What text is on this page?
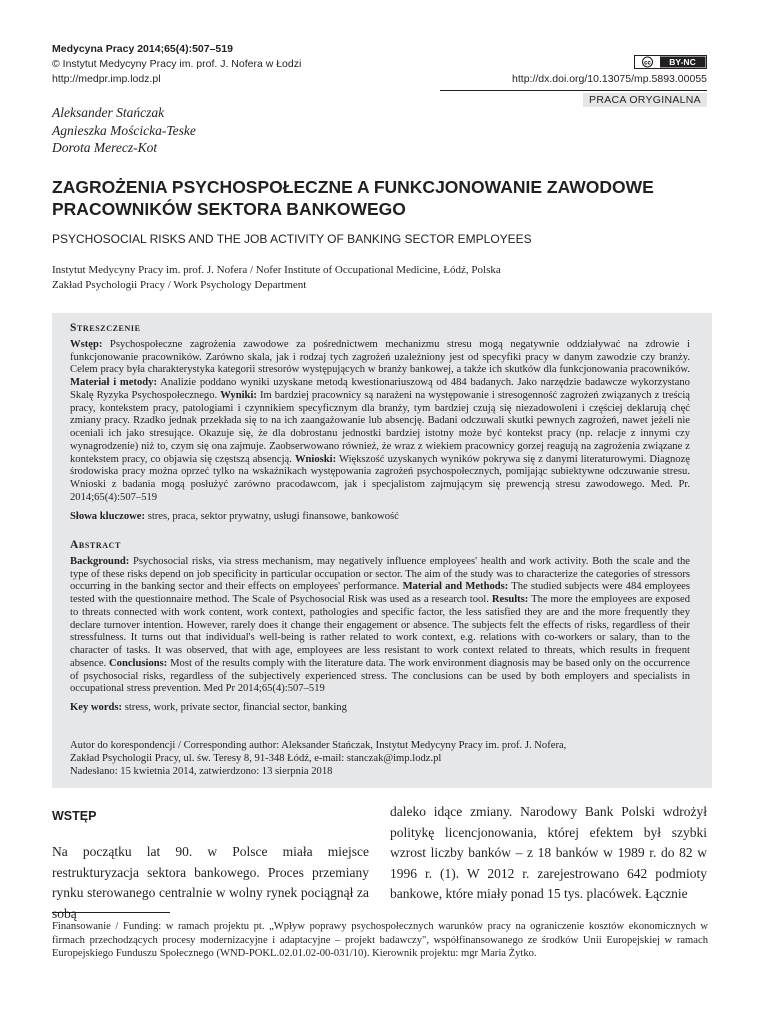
Medycyna Pracy 2014;65(4):507–519
© Instytut Medycyny Pracy im. prof. J. Nofera w Łodzi
http://medpr.imp.lodz.pl
cc BY-NC
http://dx.doi.org/10.13075/mp.5893.00055
PRACA ORYGINALNA
Aleksander Stańczak
Agnieszka Mościcka-Teske
Dorota Merecz-Kot
ZAGROŻENIA PSYCHOSPOŁECZNE A FUNKCJONOWANIE ZAWODOWE
PRACOWNIKÓW SEKTORA BANKOWEGO
PSYCHOSOCIAL RISKS AND THE JOB ACTIVITY OF BANKING SECTOR EMPLOYEES
Instytut Medycyny Pracy im. prof. J. Nofera / Nofer Institute of Occupational Medicine, Łódź, Polska
Zakład Psychologii Pracy / Work Psychology Department
Streszczenie
Wstęp: Psychospołeczne zagrożenia zawodowe za pośrednictwem mechanizmu stresu mogą negatywnie oddziaływać na zdrowie i funkcjonowanie pracowników. Zarówno skala, jak i rodzaj tych zagrożeń uzależniony jest od specyfiki pracy w danym zawodzie czy branży. Celem pracy była charakterystyka kategorii stresorów występujących w branży bankowej, a także ich skutków dla funkcjonowania pracowników. Materiał i metody: Analizie poddano wyniki uzyskane metodą kwestionariuszową od 484 badanych. Jako narzędzie badawcze wykorzystano Skalę Ryzyka Psychospołecznego. Wyniki: Im bardziej pracownicy są narażeni na występowanie i stresogenność zagrożeń związanych z treścią pracy, kontekstem pracy, patologiami i czynnikiem specyficznym dla branży, tym bardziej czują się niezadowoleni i częściej deklarują chęć zmiany pracy. Rzadko jednak przekłada się to na ich zaangażowanie lub absencję. Badani odczuwali skutki pewnych zagrożeń, nawet jeżeli nie oceniali ich jako stresujące. Okazuje się, że dla dobrostanu jednostki bardziej istotny może być kontekst pracy (np. relacje z innymi czy wynagrodzenie) niż to, czym się ona zajmuje. Zaobserwowano również, że wraz z wiekiem pracownicy gorzej reagują na zagrożenia związane z kontekstem pracy, co objawia się częstszą absencją. Wnioski: Większość uzyskanych wyników pokrywa się z danymi literaturowymi. Diagnozę środowiska pracy można oprzeć tylko na wskaźnikach występowania zagrożeń psychospołecznych, pomijając subiektywne odczuwanie stresu. Wnioski z badania mogą posłużyć zarówno pracodawcom, jak i specjalistom zajmującym się prewencją stresu zawodowego. Med. Pr. 2014;65(4):507–519
Słowa kluczowe: stres, praca, sektor prywatny, usługi finansowe, bankowość
Abstract
Background: Psychosocial risks, via stress mechanism, may negatively influence employees' health and work activity. Both the scale and the type of these risks depend on job specificity in particular occupation or sector. The aim of the study was to characterize the categories of stressors occurring in the banking sector and their effects on employees' performance. Material and Methods: The studied subjects were 484 employees tested with the questionnaire method. The Scale of Psychosocial Risk was used as a research tool. Results: The more the employees are exposed to threats connected with work content, work context, pathologies and specific factor, the less satisfied they are and the more frequently they declare turnover intention. However, rarely does it change their engagement or absence. The subjects felt the effects of risks, regardless of their stressfulness. It turns out that individual's well-being is rather related to work context, e.g. relations with co-workers or salary, than to the character of tasks. It was observed, that with age, employees are less resistant to work context related to threats, which results in frequent absence. Conclusions: Most of the results comply with the literature data. The work environment diagnosis may be based only on the occurrence of psychosocial risks, regardless of the subjectively experienced stress. The conclusions can be used by both employers and specialists in occupational stress prevention. Med Pr 2014;65(4):507–519
Key words: stress, work, private sector, financial sector, banking
Autor do korespondencji / Corresponding author: Aleksander Stańczak, Instytut Medycyny Pracy im. prof. J. Nofera,
Zakład Psychologii Pracy, ul. św. Teresy 8, 91-348 Łódź, e-mail: stanczak@imp.lodz.pl
Nadesłano: 15 kwietnia 2014, zatwierdzono: 13 sierpnia 2018
WSTĘP
Na początku lat 90. w Polsce miała miejsce restrukturyzacja sektora bankowego. Proces przemiany rynku sterowanego centralnie w wolny rynek pociągnął za sobą
daleko idące zmiany. Narodowy Bank Polski wdrożył politykę licencjonowania, której efektem był szybki wzrost liczby banków – z 18 banków w 1989 r. do 82 w 1996 r. (1). W 2012 r. zarejestrowano 642 podmioty bankowe, które miały ponad 15 tys. placówek. Łącznie
Finansowanie / Funding: w ramach projektu pt. „Wpływ poprawy psychospołecznych warunków pracy na ograniczenie kosztów ekonomicznych w firmach przechodzących procesy modernizacyjne i adaptacyjne – projekt badawczy", współfinansowanego ze środków Unii Europejskiej w ramach Europejskiego Funduszu Społecznego (WND-POKL.02.01.02-00-031/10). Kierownik projektu: mgr Maria Żytko.
